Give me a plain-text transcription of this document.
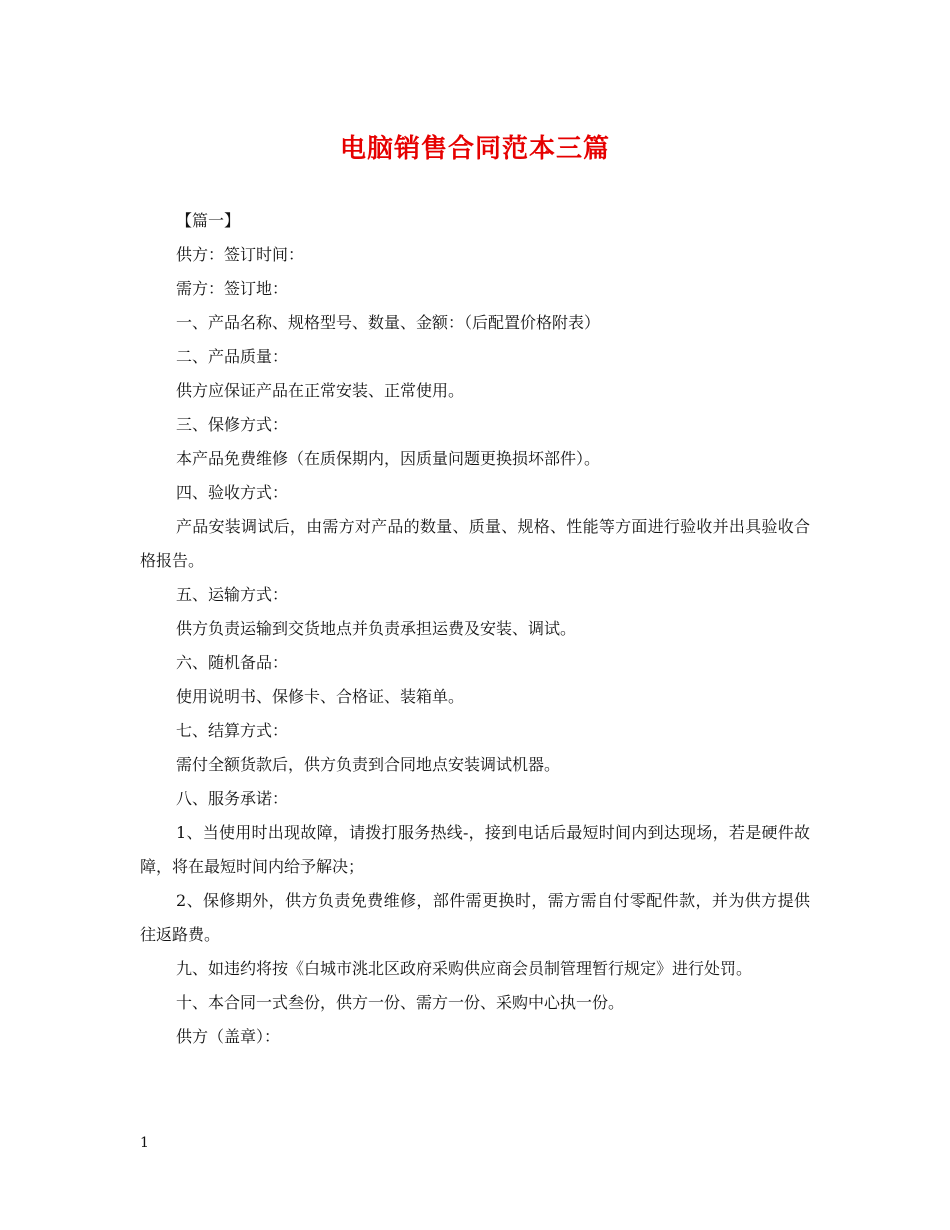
电脑销售合同范本三篇

【篇一】

供方：签订时间：

需方：签订地：

一、产品名称、规格型号、数量、金额：（后配置价格附表）

二、产品质量：

供方应保证产品在正常安装、正常使用。

三、保修方式：

本产品免费维修（在质保期内，因质量问题更换损坏部件）。

四、验收方式：

产品安装调试后，由需方对产品的数量、质量、规格、性能等方面进行验收并出具验收合格报告。

五、运输方式：

供方负责运输到交货地点并负责承担运费及安装、调试。

六、随机备品：

使用说明书、保修卡、合格证、装箱单。

七、结算方式：

需付全额货款后，供方负责到合同地点安装调试机器。

八、服务承诺：

1、当使用时出现故障，请拨打服务热线-，接到电话后最短时间内到达现场，若是硬件故障，将在最短时间内给予解决；

2、保修期外，供方负责免费维修，部件需更换时，需方需自付零配件款，并为供方提供往返路费。

九、如违约将按《白城市洮北区政府采购供应商会员制管理暂行规定》进行处罚。

十、本合同一式叁份，供方一份、需方一份、采购中心执一份。

供方（盖章）：

1
